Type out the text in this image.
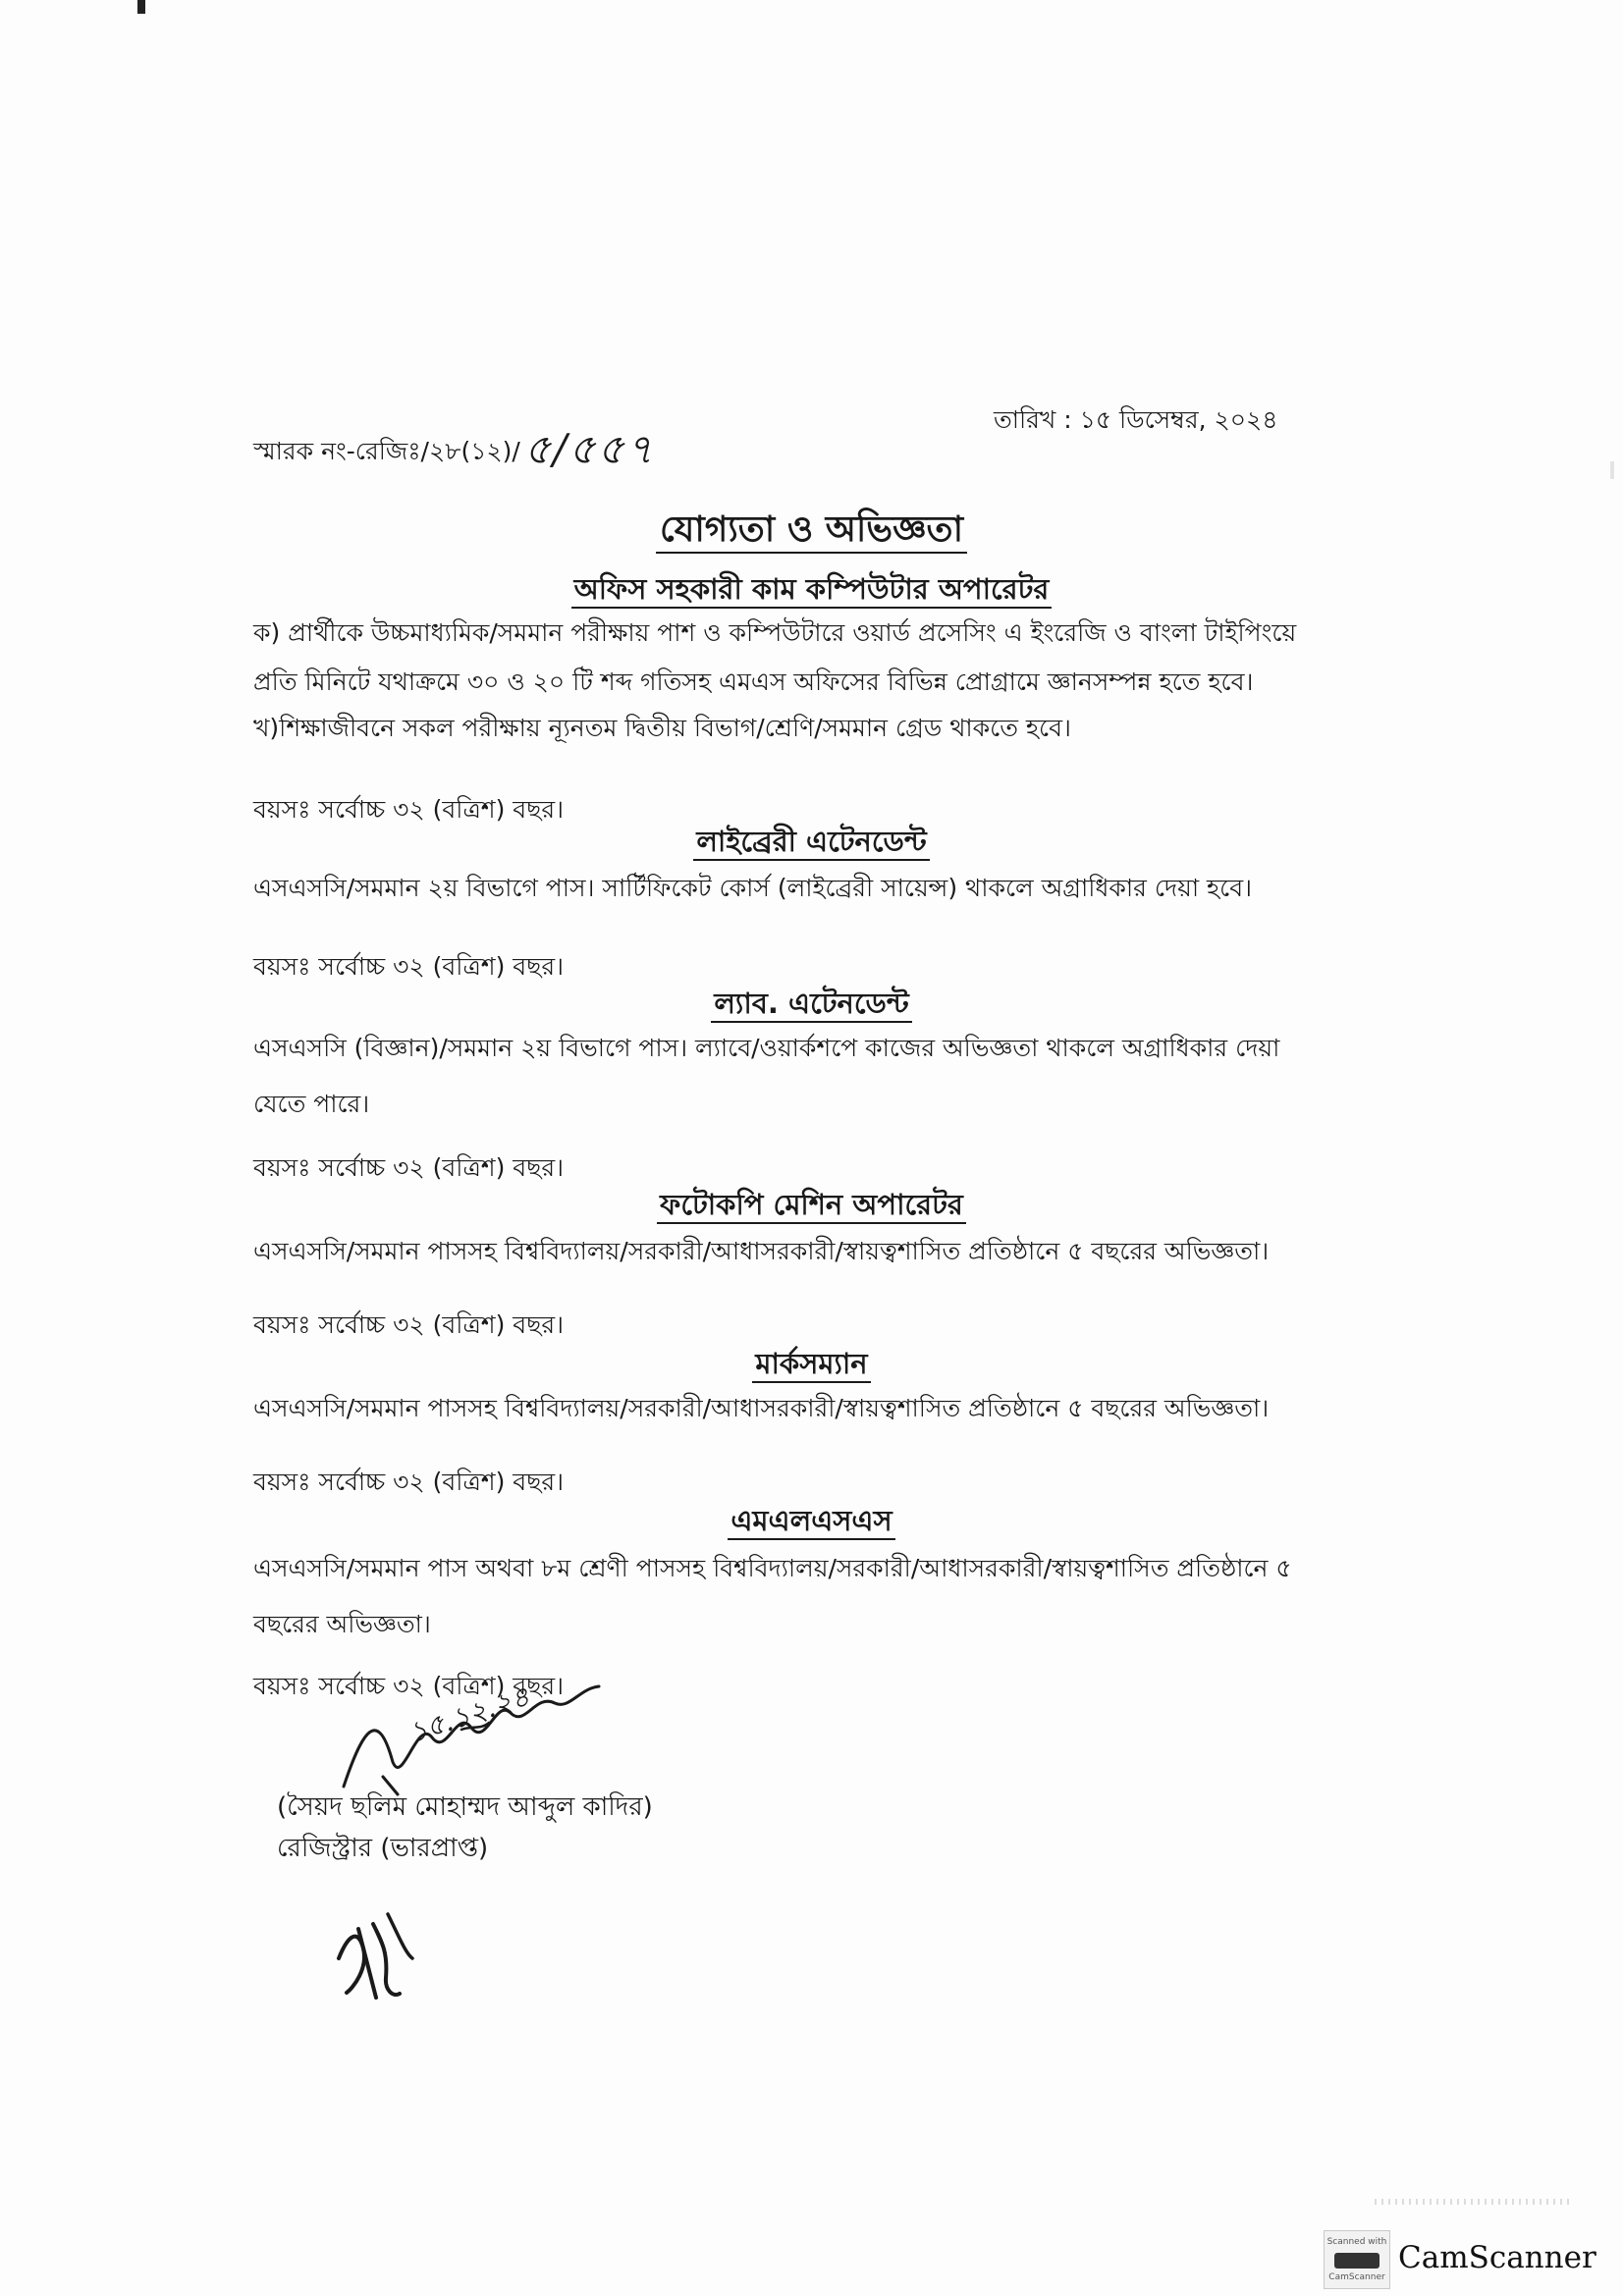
স্মারক নং-রেজিঃ/২৮(১২)/৫/৫৫৭
তারিখ : ১৫ ডিসেম্বর, ২০২৪
যোগ্যতা ও অভিজ্ঞতা
অফিস সহকারী কাম কম্পিউটার অপারেটর
ক) প্রার্থীকে উচ্চমাধ্যমিক/সমমান পরীক্ষায় পাশ ও কম্পিউটারে ওয়ার্ড প্রসেসিং এ ইংরেজি ও বাংলা টাইপিংয়ে
প্রতি মিনিটে যথাক্রমে ৩০ ও ২০ টি শব্দ গতিসহ এমএস অফিসের বিভিন্ন প্রোগ্রামে জ্ঞানসম্পন্ন হতে হবে।
খ)শিক্ষাজীবনে সকল পরীক্ষায় ন্যূনতম দ্বিতীয় বিভাগ/শ্রেণি/সমমান গ্রেড থাকতে হবে।
বয়সঃ সর্বোচ্চ ৩২ (বত্রিশ) বছর।
লাইব্রেরী এটেনডেন্ট
এসএসসি/সমমান ২য় বিভাগে পাস। সার্টিফিকেট কোর্স (লাইব্রেরী সায়েন্স) থাকলে অগ্রাধিকার দেয়া হবে।
বয়সঃ সর্বোচ্চ ৩২ (বত্রিশ) বছর।
ল্যাব. এটেনডেন্ট
এসএসসি (বিজ্ঞান)/সমমান ২য় বিভাগে পাস। ল্যাবে/ওয়ার্কশপে কাজের অভিজ্ঞতা থাকলে অগ্রাধিকার দেয়া
যেতে পারে।
বয়সঃ সর্বোচ্চ ৩২ (বত্রিশ) বছর।
ফটোকপি মেশিন অপারেটর
এসএসসি/সমমান পাসসহ বিশ্ববিদ্যালয়/সরকারী/আধাসরকারী/স্বায়ত্বশাসিত প্রতিষ্ঠানে ৫ বছরের অভিজ্ঞতা।
বয়সঃ সর্বোচ্চ ৩২ (বত্রিশ) বছর।
মার্কসম্যান
এসএসসি/সমমান পাসসহ বিশ্ববিদ্যালয়/সরকারী/আধাসরকারী/স্বায়ত্বশাসিত প্রতিষ্ঠানে ৫ বছরের অভিজ্ঞতা।
বয়সঃ সর্বোচ্চ ৩২ (বত্রিশ) বছর।
এমএলএসএস
এসএসসি/সমমান পাস অথবা ৮ম শ্রেণী পাসসহ বিশ্ববিদ্যালয়/সরকারী/আধাসরকারী/স্বায়ত্বশাসিত প্রতিষ্ঠানে ৫
বছরের অভিজ্ঞতা।
বয়সঃ সর্বোচ্চ ৩২ (বত্রিশ) বছর।
১৫.১২.২৪
(সৈয়দ ছলিম মোহাম্মদ আব্দুল কাদির)
রেজিস্ট্রার (ভারপ্রাপ্ত)
Scanned with
CamScanner
CamScanner
